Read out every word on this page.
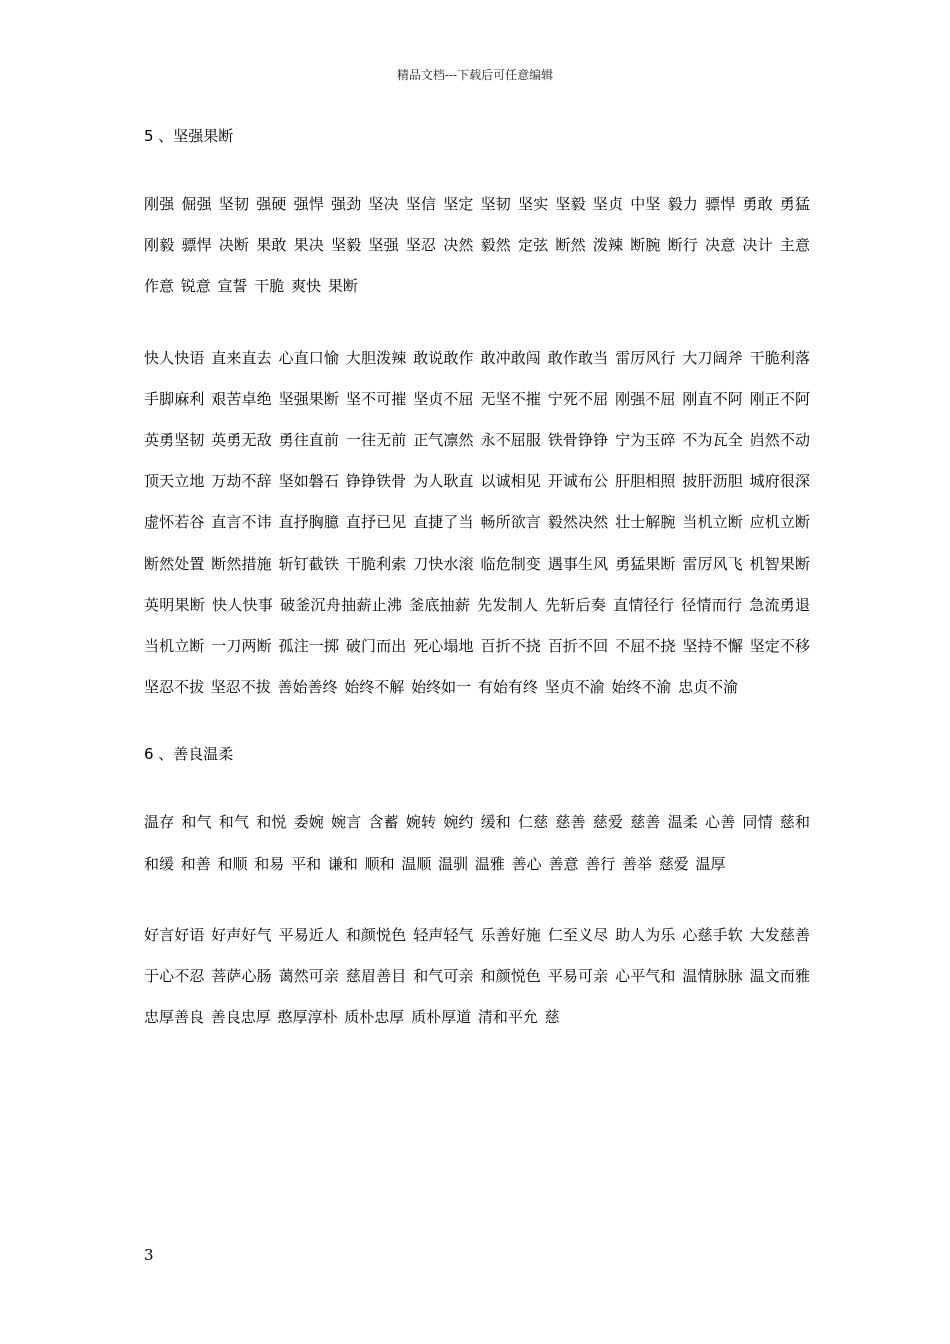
精品文档---下载后可任意编辑

5 、坚强果断

刚强 倔强 坚韧 强硬 强悍 强劲 坚决 坚信 坚定 坚韧 坚实 坚毅 坚贞 中坚 毅力 骠悍 勇敢 勇猛 刚毅 骠悍 决断 果敢 果决 坚毅 坚强 坚忍 决然 毅然 定弦 断然 泼辣 断腕 断行 决意 决计 主意 作意 锐意 宣誓 干脆 爽快 果断

快人快语 直来直去 心直口愉 大胆泼辣 敢说敢作 敢冲敢闯 敢作敢当 雷厉风行 大刀阔斧 干脆利落 手脚麻利 艰苦卓绝 坚强果断 坚不可摧 坚贞不屈 无坚不摧 宁死不屈 刚强不屈 刚直不阿 刚正不阿 英勇坚韧 英勇无敌 勇往直前 一往无前 正气凛然 永不屈服 铁骨铮铮 宁为玉碎 不为瓦全 岿然不动 顶天立地 万劫不辞 坚如磐石 铮铮铁骨 为人耿直 以诚相见 开诚布公 肝胆相照 披肝沥胆 城府很深 虚怀若谷 直言不讳 直抒胸臆 直抒已见 直捷了当 畅所欲言 毅然决然 壮士解腕 当机立断 应机立断 断然处置 断然措施 斩钉截铁 干脆利索 刀快水滚 临危制变 遇事生风 勇猛果断 雷厉风飞 机智果断 英明果断 快人快事 破釜沉舟抽薪止沸 釜底抽薪 先发制人 先斩后奏 直情径行 径情而行 急流勇退 当机立断 一刀两断 孤注一掷 破门而出 死心塌地 百折不挠 百折不回 不屈不挠 坚持不懈 坚定不移 坚忍不拔 坚忍不拔 善始善终 始终不解 始终如一 有始有终 坚贞不渝 始终不渝 忠贞不渝

6 、善良温柔

温存 和气 和气 和悦 委婉 婉言 含蓄 婉转 婉约 缓和 仁慈 慈善 慈爱 慈善 温柔 心善 同情 慈和 和缓 和善 和顺 和易 平和 谦和 顺和 温顺 温驯 温雅 善心 善意 善行 善举 慈爱 温厚

好言好语 好声好气 平易近人 和颜悦色 轻声轻气 乐善好施 仁至义尽 助人为乐 心慈手软 大发慈善 于心不忍 菩萨心肠 蔼然可亲 慈眉善目 和气可亲 和颜悦色 平易可亲 心平气和 温情脉脉 温文而雅 忠厚善良 善良忠厚 憨厚淳朴 质朴忠厚 质朴厚道 清和平允 慈

3
